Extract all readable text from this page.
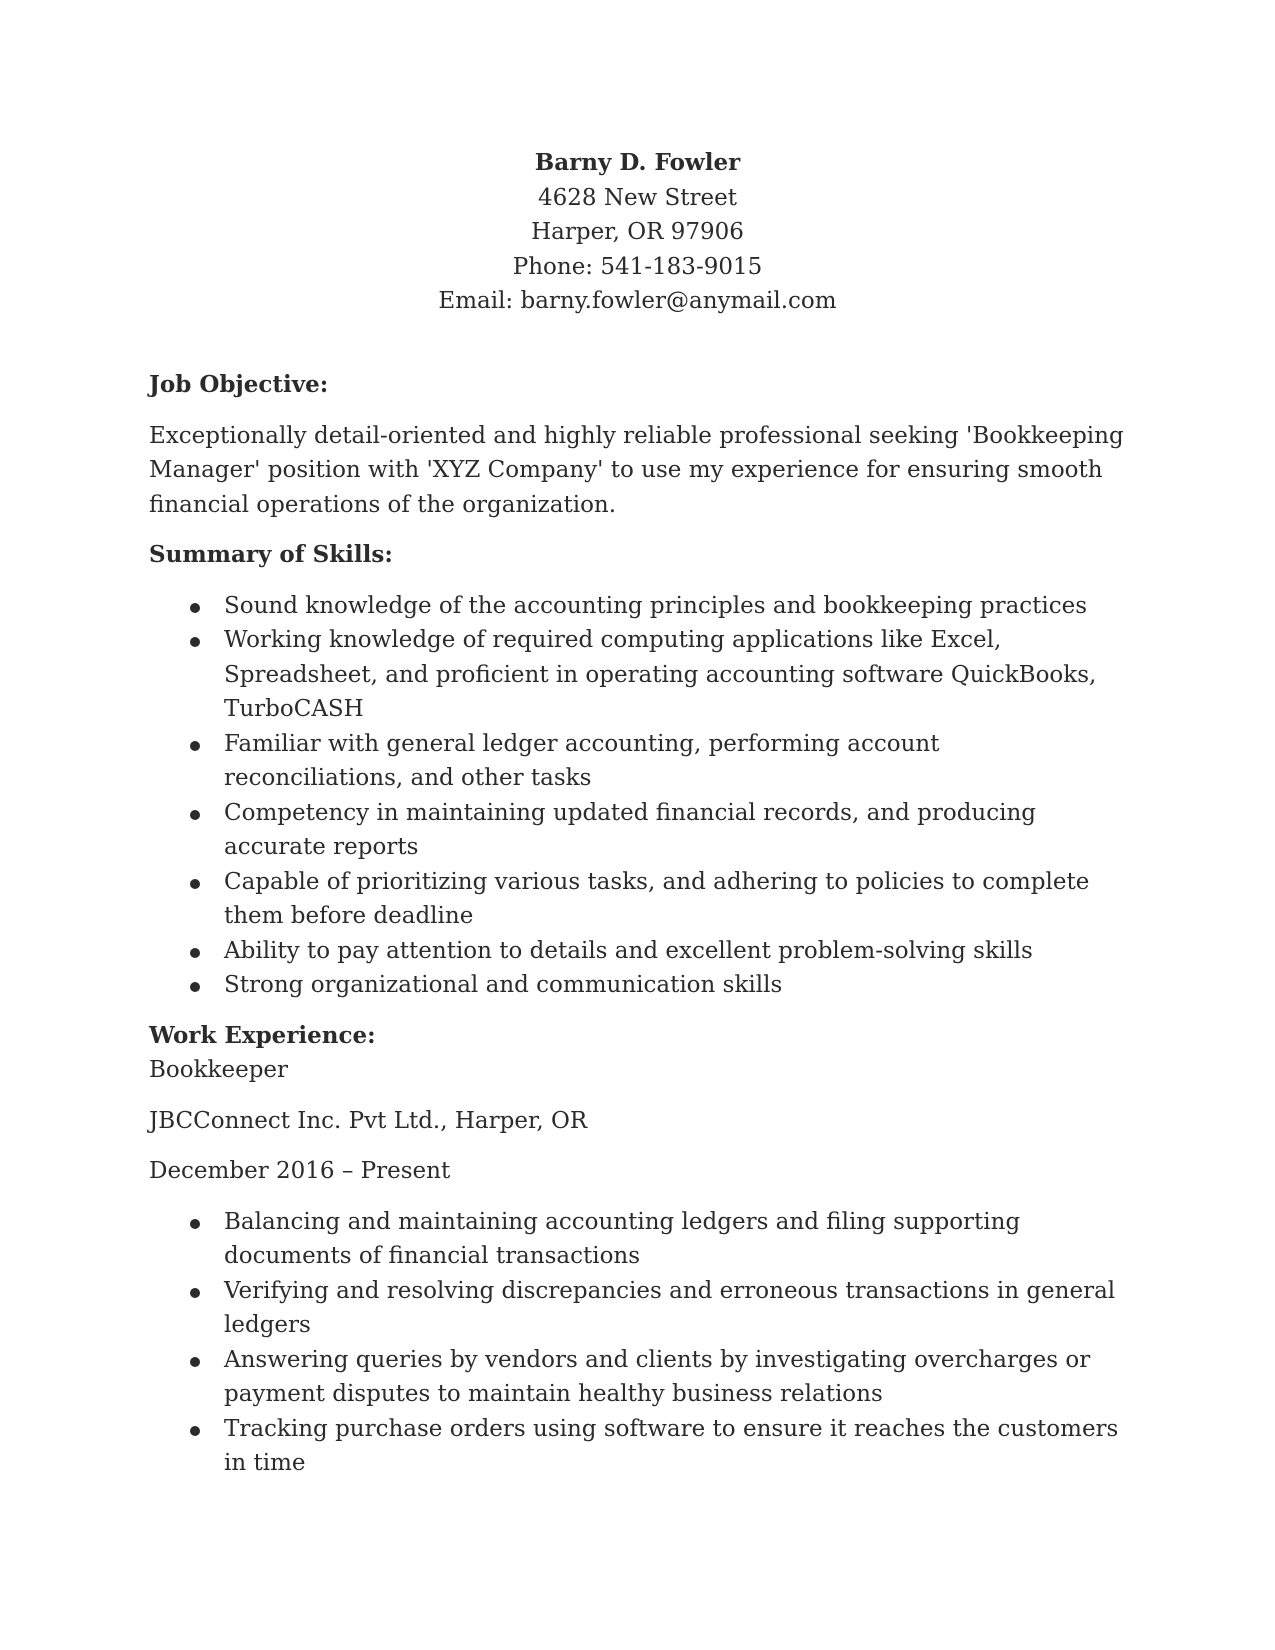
Barny D. Fowler
4628 New Street
Harper, OR 97906
Phone: 541-183-9015
Email: barny.fowler@anymail.com

Job Objective:

Exceptionally detail-oriented and highly reliable professional seeking 'Bookkeeping Manager' position with 'XYZ Company' to use my experience for ensuring smooth financial operations of the organization.

Summary of Skills:

Sound knowledge of the accounting principles and bookkeeping practices
Working knowledge of required computing applications like Excel, Spreadsheet, and proficient in operating accounting software QuickBooks, TurboCASH
Familiar with general ledger accounting, performing account reconciliations, and other tasks
Competency in maintaining updated financial records, and producing accurate reports
Capable of prioritizing various tasks, and adhering to policies to complete them before deadline
Ability to pay attention to details and excellent problem-solving skills
Strong organizational and communication skills

Work Experience:

Bookkeeper

JBCConnect Inc. Pvt Ltd., Harper, OR

December 2016 – Present

Balancing and maintaining accounting ledgers and filing supporting documents of financial transactions
Verifying and resolving discrepancies and erroneous transactions in general ledgers
Answering queries by vendors and clients by investigating overcharges or payment disputes to maintain healthy business relations
Tracking purchase orders using software to ensure it reaches the customers in time
